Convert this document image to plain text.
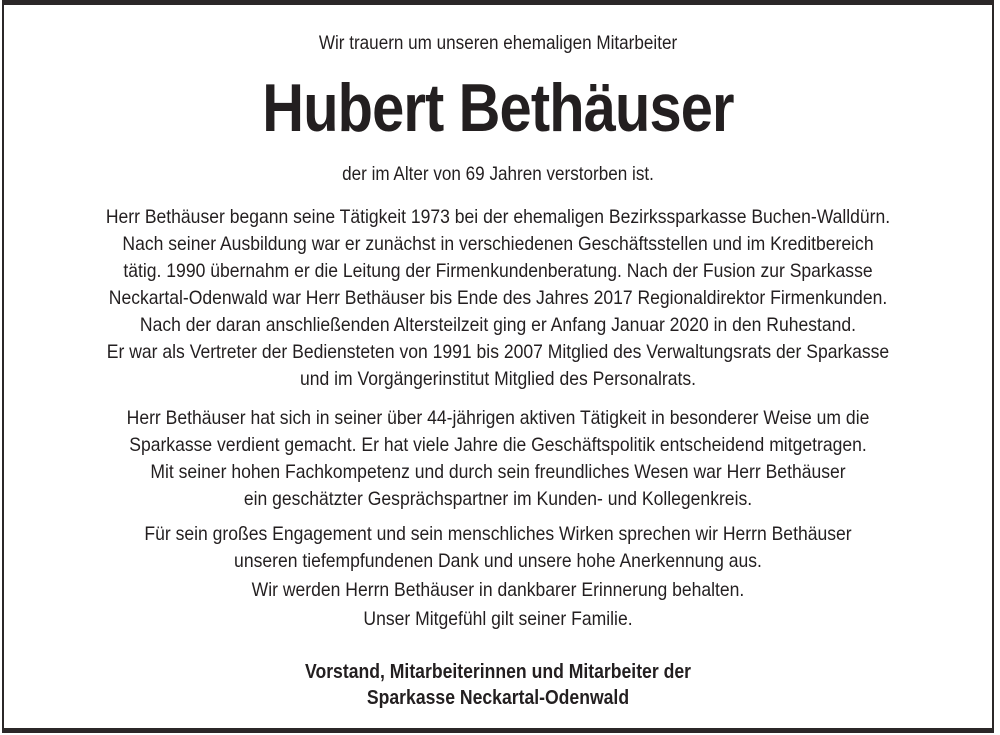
Wir trauern um unseren ehemaligen Mitarbeiter
Hubert Bethäuser
der im Alter von 69 Jahren verstorben ist.
Herr Bethäuser begann seine Tätigkeit 1973 bei der ehemaligen Bezirkssparkasse Buchen-Walldürn.
Nach seiner Ausbildung war er zunächst in verschiedenen Geschäftsstellen und im Kreditbereich
tätig. 1990 übernahm er die Leitung der Firmenkundenberatung. Nach der Fusion zur Sparkasse
Neckartal-Odenwald war Herr Bethäuser bis Ende des Jahres 2017 Regionaldirektor Firmenkunden.
Nach der daran anschließenden Altersteilzeit ging er Anfang Januar 2020 in den Ruhestand.
Er war als Vertreter der Bediensteten von 1991 bis 2007 Mitglied des Verwaltungsrats der Sparkasse
und im Vorgängerinstitut Mitglied des Personalrats.
Herr Bethäuser hat sich in seiner über 44-jährigen aktiven Tätigkeit in besonderer Weise um die
Sparkasse verdient gemacht. Er hat viele Jahre die Geschäftspolitik entscheidend mitgetragen.
Mit seiner hohen Fachkompetenz und durch sein freundliches Wesen war Herr Bethäuser
ein geschätzter Gesprächspartner im Kunden- und Kollegenkreis.
Für sein großes Engagement und sein menschliches Wirken sprechen wir Herrn Bethäuser
unseren tiefempfundenen Dank und unsere hohe Anerkennung aus.
Wir werden Herrn Bethäuser in dankbarer Erinnerung behalten.
Unser Mitgefühl gilt seiner Familie.
Vorstand, Mitarbeiterinnen und Mitarbeiter der
Sparkasse Neckartal-Odenwald
